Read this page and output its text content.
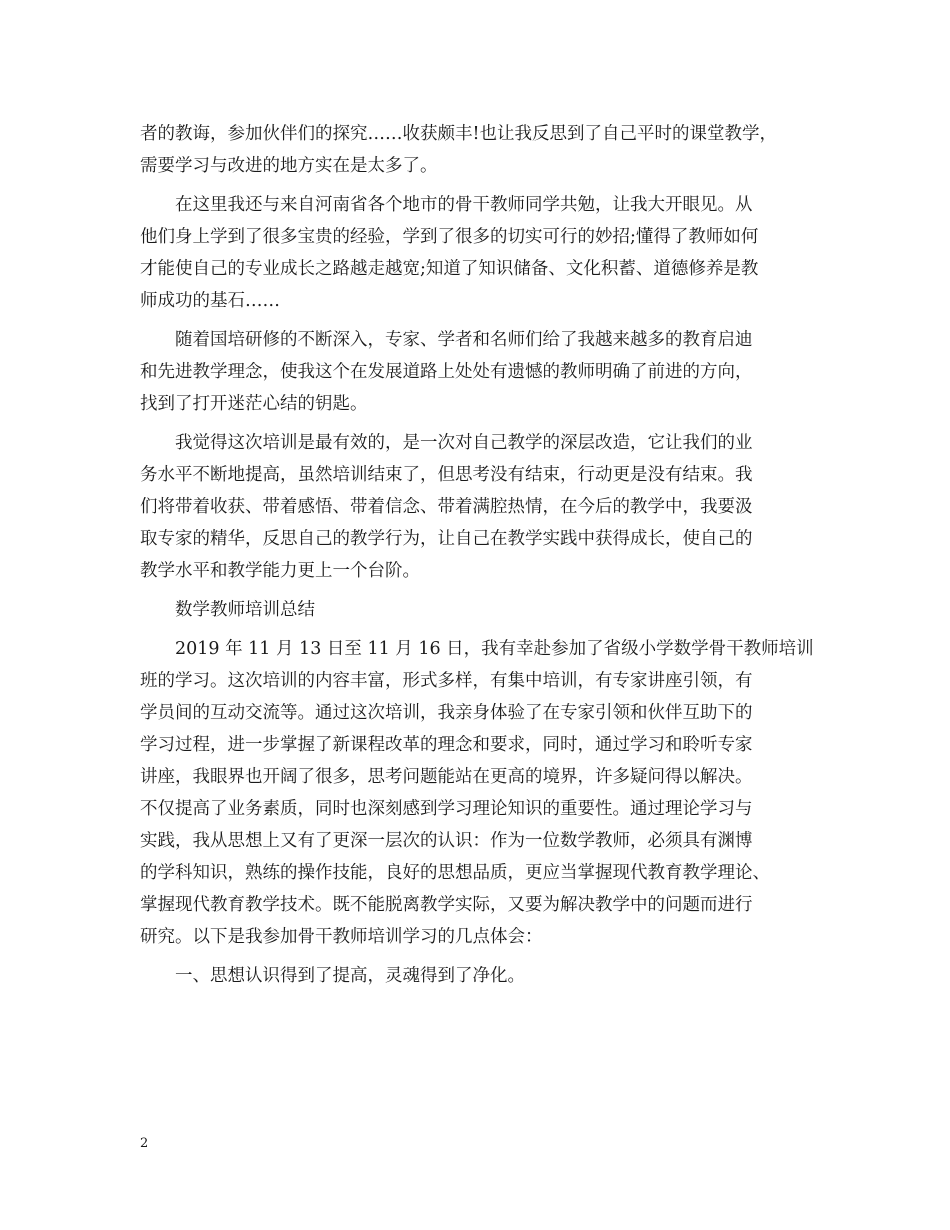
者的教诲，参加伙伴们的探究……收获颇丰!也让我反思到了自己平时的课堂教学，
需要学习与改进的地方实在是太多了。
　　在这里我还与来自河南省各个地市的骨干教师同学共勉，让我大开眼见。从
他们身上学到了很多宝贵的经验，学到了很多的切实可行的妙招;懂得了教师如何
才能使自己的专业成长之路越走越宽;知道了知识储备、文化积蓄、道德修养是教
师成功的基石……
　　随着国培研修的不断深入，专家、学者和名师们给了我越来越多的教育启迪
和先进教学理念，使我这个在发展道路上处处有遗憾的教师明确了前进的方向，
找到了打开迷茫心结的钥匙。
　　我觉得这次培训是最有效的，是一次对自己教学的深层改造，它让我们的业
务水平不断地提高，虽然培训结束了，但思考没有结束，行动更是没有结束。我
们将带着收获、带着感悟、带着信念、带着满腔热情，在今后的教学中，我要汲
取专家的精华，反思自己的教学行为，让自己在教学实践中获得成长，使自己的
教学水平和教学能力更上一个台阶。
　　数学教师培训总结
　　2019 年 11 月 13 日至 11 月 16 日，我有幸赴参加了省级小学数学骨干教师培训
班的学习。这次培训的内容丰富，形式多样，有集中培训，有专家讲座引领，有
学员间的互动交流等。通过这次培训，我亲身体验了在专家引领和伙伴互助下的
学习过程，进一步掌握了新课程改革的理念和要求，同时，通过学习和聆听专家
讲座，我眼界也开阔了很多，思考问题能站在更高的境界，许多疑问得以解决。
不仅提高了业务素质，同时也深刻感到学习理论知识的重要性。通过理论学习与
实践，我从思想上又有了更深一层次的认识：作为一位数学教师，必须具有渊博
的学科知识，熟练的操作技能，良好的思想品质，更应当掌握现代教育教学理论、
掌握现代教育教学技术。既不能脱离教学实际，又要为解决教学中的问题而进行
研究。以下是我参加骨干教师培训学习的几点体会：
　　一、思想认识得到了提高，灵魂得到了净化。
2
